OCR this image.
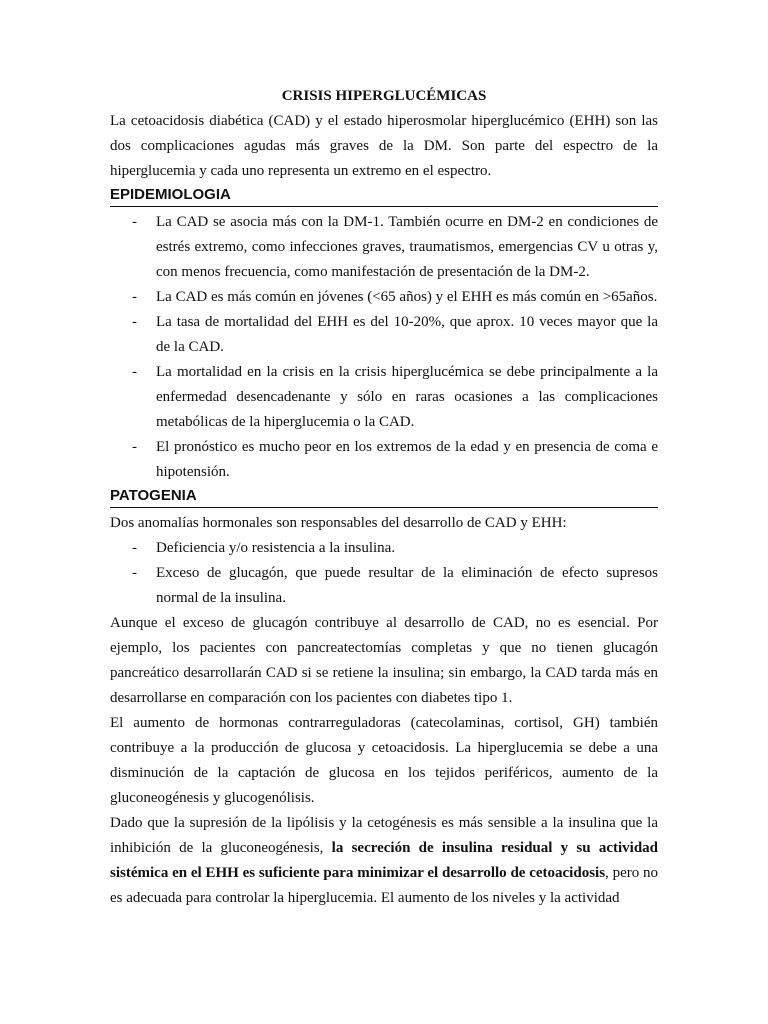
CRISIS HIPERGLUCÉMICAS

La cetoacidosis diabética (CAD) y el estado hiperosmolar hiperglucémico (EHH) son las dos complicaciones agudas más graves de la DM. Son parte del espectro de la hiperglucemia y cada uno representa un extremo en el espectro.

EPIDEMIOLOGIA
- La CAD se asocia más con la DM-1. También ocurre en DM-2 en condiciones de estrés extremo, como infecciones graves, traumatismos, emergencias CV u otras y, con menos frecuencia, como manifestación de presentación de la DM-2.
- La CAD es más común en jóvenes (<65 años) y el EHH es más común en >65años.
- La tasa de mortalidad del EHH es del 10-20%, que aprox. 10 veces mayor que la de la CAD.
- La mortalidad en la crisis en la crisis hiperglucémica se debe principalmente a la enfermedad desencadenante y sólo en raras ocasiones a las complicaciones metabólicas de la hiperglucemia o la CAD.
- El pronóstico es mucho peor en los extremos de la edad y en presencia de coma e hipotensión.
PATOGENIA

Dos anomalías hormonales son responsables del desarrollo de CAD y EHH:

- Deficiencia y/o resistencia a la insulina.
- Exceso de glucagón, que puede resultar de la eliminación de efecto supresos normal de la insulina.

Aunque el exceso de glucagón contribuye al desarrollo de CAD, no es esencial. Por ejemplo, los pacientes con pancreatectomías completas y que no tienen glucagón pancreático desarrollarán CAD si se retiene la insulina; sin embargo, la CAD tarda más en desarrollarse en comparación con los pacientes con diabetes tipo 1.

El aumento de hormonas contrarreguladoras (catecolaminas, cortisol, GH) también contribuye a la producción de glucosa y cetoacidosis. La hiperglucemia se debe a una disminución de la captación de glucosa en los tejidos periféricos, aumento de la gluconeogénesis y glucogenólisis.

Dado que la supresión de la lipólisis y la cetogénesis es más sensible a la insulina que la inhibición de la gluconeogénesis, la secreción de insulina residual y su actividad sistémica en el EHH es suficiente para minimizar el desarrollo de cetoacidosis, pero no es adecuada para controlar la hiperglucemia. El aumento de los niveles y la actividad
